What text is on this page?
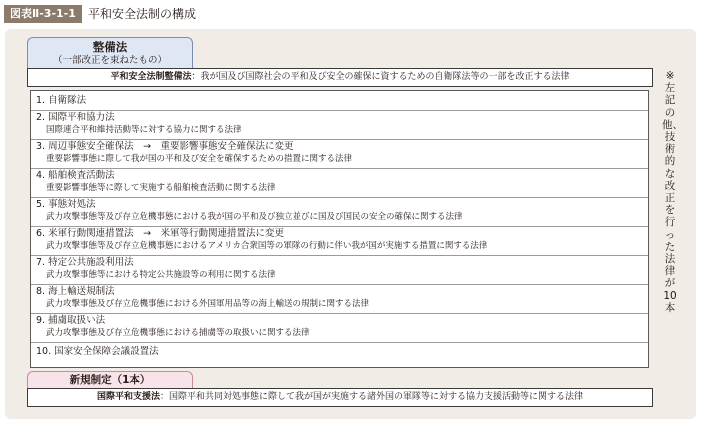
図表Ⅱ-3-1-1	平和安全法制の構成
整備法
（一部改正を束ねたもの）
平和安全法制整備法：我が国及び国際社会の平和及び安全の確保に資するための自衛隊法等の一部を改正する法律
1. 自衛隊法
2. 国際平和協力法
国際連合平和維持活動等に対する協力に関する法律
3. 周辺事態安全確保法　→　重要影響事態安全確保法に変更
重要影響事態に際して我が国の平和及び安全を確保するための措置に関する法律
4. 船舶検査活動法
重要影響事態等に際して実施する船舶検査活動に関する法律
5. 事態対処法
武力攻撃事態等及び存立危機事態における我が国の平和及び独立並びに国及び国民の安全の確保に関する法律
6. 米軍行動関連措置法　→　米軍等行動関連措置法に変更
武力攻撃事態等及び存立危機事態におけるアメリカ合衆国等の軍隊の行動に伴い我が国が実施する措置に関する法律
7. 特定公共施設利用法
武力攻撃事態等における特定公共施設等の利用に関する法律
8. 海上輸送規制法
武力攻撃事態及び存立危機事態における外国軍用品等の海上輸送の規制に関する法律
9. 捕虜取扱い法
武力攻撃事態及び存立危機事態における捕虜等の取扱いに関する法律
10. 国家安全保障会議設置法
新規制定（1本）
国際平和支援法：国際平和共同対処事態に際して我が国が実施する諸外国の軍隊等に対する協力支援活動等に関する法律
※左記の他、技術的な改正を行った法律が10本
